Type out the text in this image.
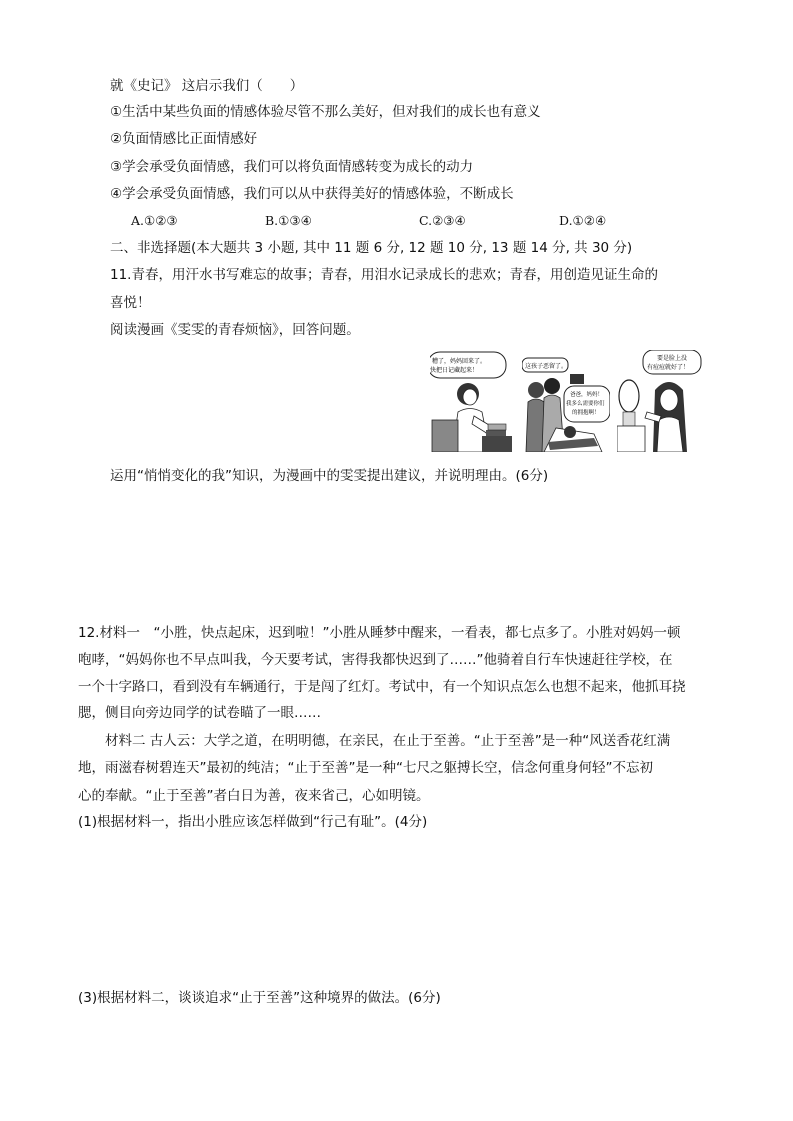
就《史记》 这启示我们（　　）
①生活中某些负面的情感体验尽管不那么美好，但对我们的成长也有意义
②负面情感比正面情感好
③学会承受负面情感，我们可以将负面情感转变为成长的动力
④学会承受负面情感，我们可以从中获得美好的情感体验，不断成长
A.①②③	B.①③④	C.②③④	D.①②④
二、非选择题(本大题共 3 小题, 其中 11 题 6 分, 12 题 10 分, 13 题 14 分, 共 30 分)
11.青春，用汗水书写难忘的故事；青春，用泪水记录成长的悲欢；青春，用创造见证生命的
喜悦！
阅读漫画《雯雯的青春烦恼》，回答问题。
糟了，妈妈回来了。
快把日记藏起来！
这孩子恶留了。
爸爸，妈妈！
我多么需要你们
的拥抱啊！
要是脸上没
有痘痘就好了！
运用“悄悄变化的我”知识，为漫画中的雯雯提出建议，并说明理由。(6分)
12.材料一　“小胜，快点起床，迟到啦！”小胜从睡梦中醒来，一看表，都七点多了。小胜对妈妈一顿
咆哮，“妈妈你也不早点叫我，今天要考试，害得我都快迟到了……”他骑着自行车快速赶往学校，在
一个十字路口，看到没有车辆通行，于是闯了红灯。考试中，有一个知识点怎么也想不起来，他抓耳挠
腮，侧目向旁边同学的试卷瞄了一眼……
材料二 古人云：大学之道，在明明德，在亲民，在止于至善。“止于至善”是一种“风送香花红满
地，雨滋春树碧连天”最初的纯洁；“止于至善”是一种“七尺之躯搏长空，信念何重身何轻”不忘初
心的奉献。“止于至善”者白日为善，夜来省己，心如明镜。
(1)根据材料一，指出小胜应该怎样做到“行己有耻”。(4分)
(3)根据材料二，谈谈追求“止于至善”这种境界的做法。(6分)
